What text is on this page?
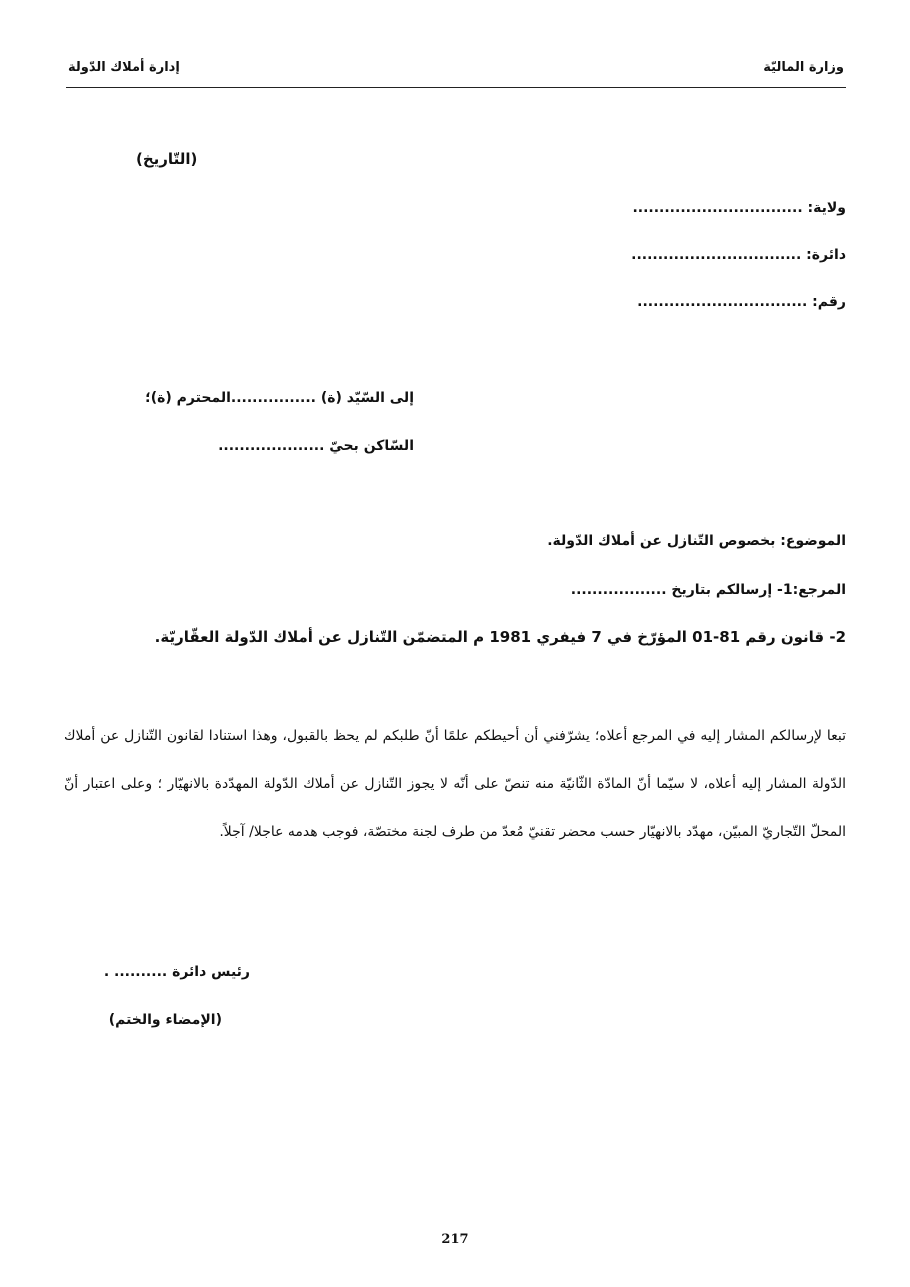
وزارة الماليّة
إدارة أملاك الدّولة
(التّاريخ)
ولاية: ................................
دائرة: ................................
رقم: ................................
إلى السّيّد (ة) ................المحترم (ة)؛
السّاكن بحيّ ....................
الموضوع: بخصوص التّنازل عن أملاك الدّولة.
المرجع:1- إرسالكم بتاريخ ..................
2- قانون رقم 81-01 المؤرّخ في 7 فيفري 1981 م المتضمّن التّنازل عن أملاك الدّولة العقّاريّة.
تبعا لإرسالكم المشار إليه في المرجع أعلاه؛ يشرّفني أن أحيطكم علمًا أنّ طلبكم لم يحظ بالقبول، وهذا استنادا لقانون التّنازل عن أملاك الدّولة المشار إليه أعلاه، لا سيّما أنّ المادّة الثّانيّة منه تنصّ على أنّه لا يجوز التّنازل عن أملاك الدّولة المهدّدة بالانهيّار ؛ وعلى اعتبار أنّ المحلّ التّجاريّ المبيّن، مهدّد بالانهيّار حسب محضر تقنيّ مُعدّ من طرف لجنة مختصّة، فوجب هدمه عاجلا/ آجلاً.
رئيس دائرة .......... .
(الإمضاء والختم)
217
